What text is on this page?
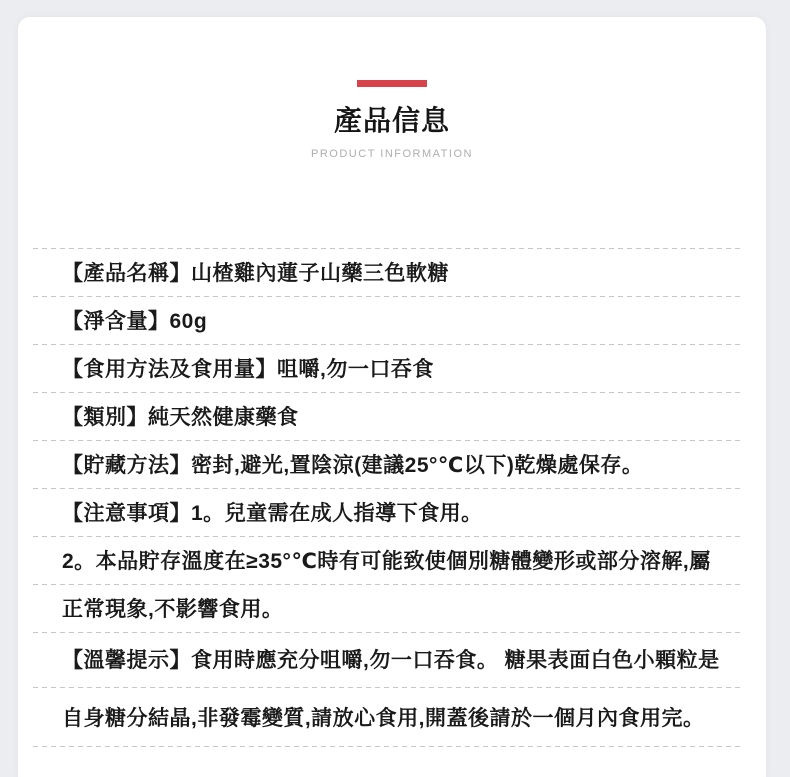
產品信息
PRODUCT INFORMATION
【產品名稱】山楂雞內蓮子山藥三色軟糖
【淨含量】60g
【食用方法及食用量】咀嚼,勿一口吞食
【類別】純天然健康藥食
【貯藏方法】密封,避光,置陰涼(建議25°℃以下)乾燥處保存。
【注意事項】1。兒童需在成人指導下食用。
2。本品貯存溫度在≥35°℃時有可能致使個別糖體變形或部分溶解,屬
正常現象,不影響食用。
【溫馨提示】食用時應充分咀嚼,勿一口吞食。 糖果表面白色小顆粒是
自身糖分結晶,非發霉變質,請放心食用,開蓋後請於一個月內食用完。
